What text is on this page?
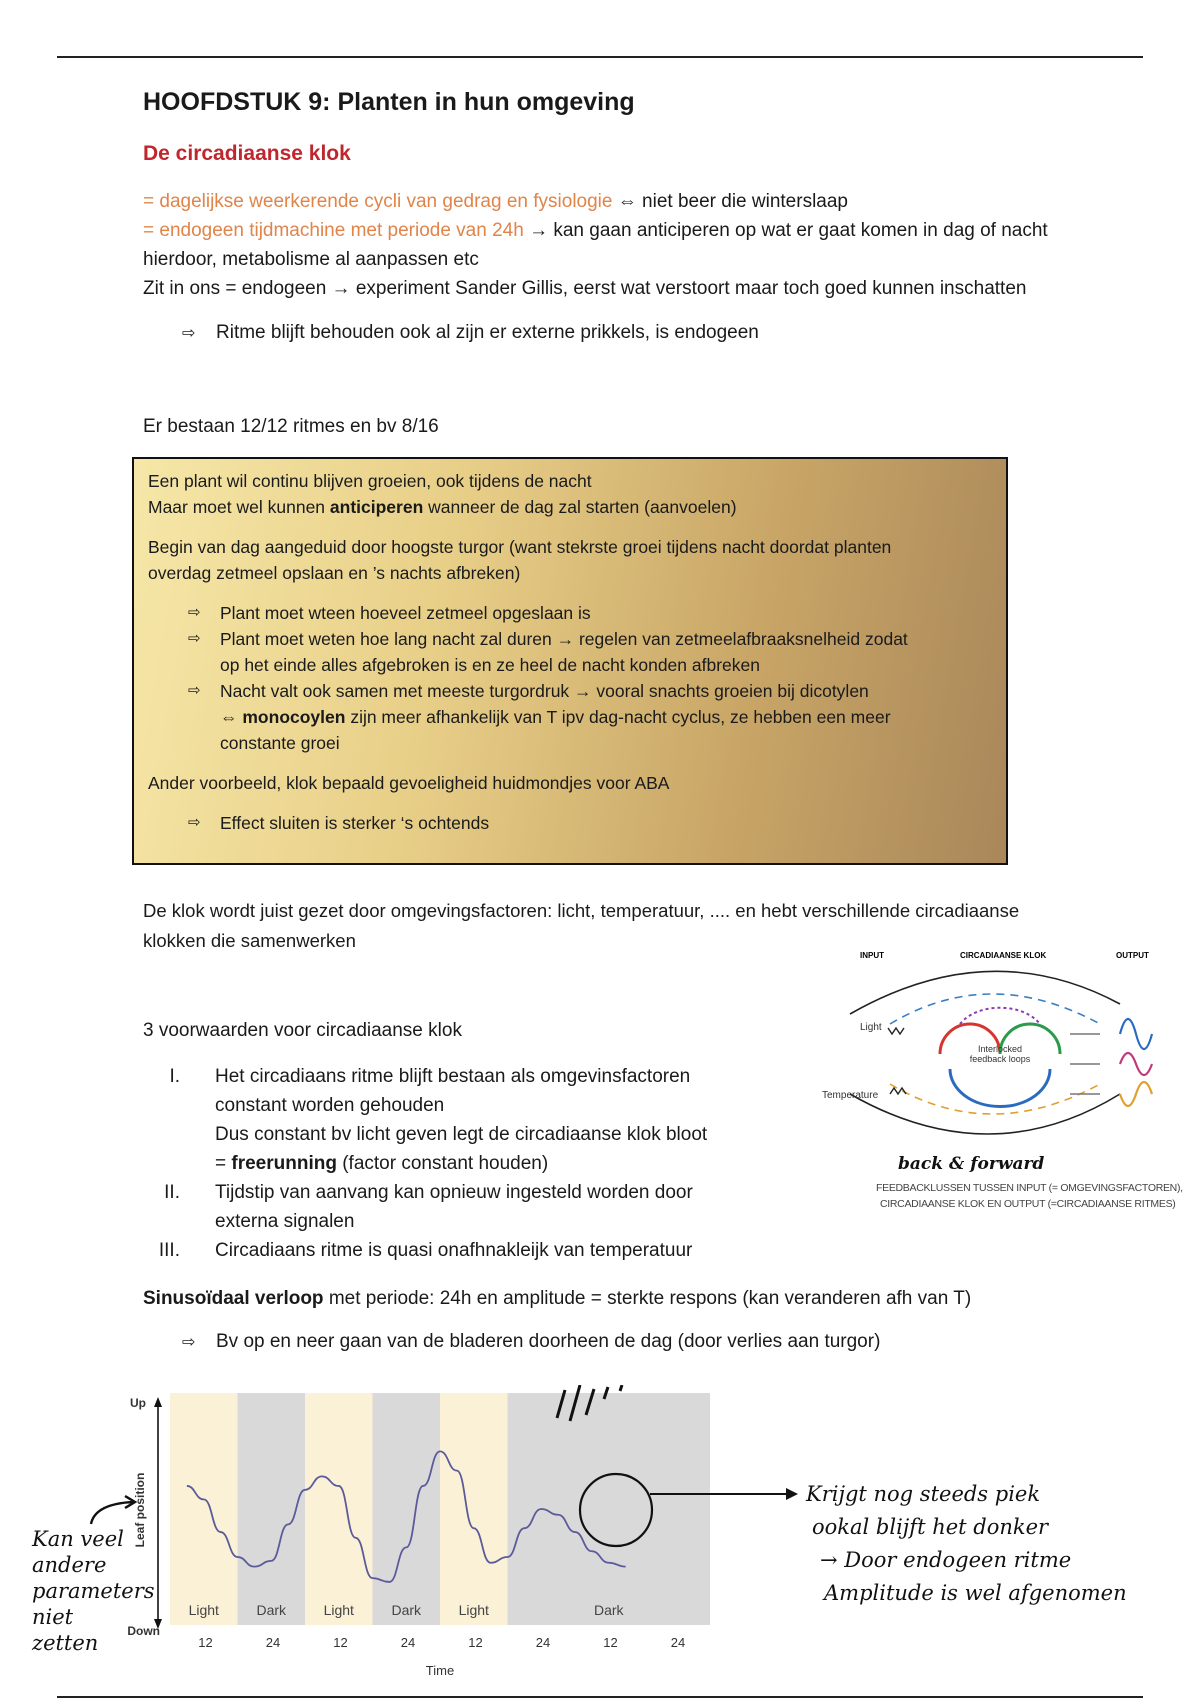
HOOFDSTUK 9: Planten in hun omgeving
De circadiaanse klok
= dagelijkse weerkerende cycli van gedrag en fysiologie ⇔ niet beer die winterslaap
= endogeen tijdmachine met periode van 24h → kan gaan anticiperen op wat er gaat komen in dag of nacht
hierdoor, metabolisme al aanpassen etc
Zit in ons = endogeen → experiment Sander Gillis, eerst wat verstoort maar toch goed kunnen inschatten
⇨ Ritme blijft behouden ook al zijn er externe prikkels, is endogeen
Er bestaan 12/12 ritmes en bv 8/16

Een plant wil continu blijven groeien, ook tijdens de nacht

Maar moet wel kunnen anticiperen wanneer de dag zal starten (aanvoelen)

Begin van dag aangeduid door hoogste turgor (want stekrste groei tijdens nacht doordat planten

overdag zetmeel opslaan en ’s nachts afbreken)

⇨ Plant moet wteen hoeveel zetmeel opgeslaan is
⇨ Plant moet weten hoe lang nacht zal duren → regelen van zetmeelafbraaksnelheid zodat
op het einde alles afgebroken is en ze heel de nacht konden afbreken
⇨ Nacht valt ook samen met meeste turgordruk → vooral snachts groeien bij dicotylen
⇔ monocoylen zijn meer afhankelijk van T ipv dag-nacht cyclus, ze hebben een meer
constante groei

Ander voorbeeld, klok bepaald gevoeligheid huidmondjes voor ABA

⇨ Effect sluiten is sterker ‘s ochtends
De klok wordt juist gezet door omgevingsfactoren: licht, temperatuur, .... en hebt verschillende circadiaanse
klokken die samenwerken
3 voorwaarden voor circadiaanse klok
I. Het circadiaans ritme blijft bestaan als omgevinsfactoren
constant worden gehouden
Dus constant bv licht geven legt de circadiaanse klok bloot
= freerunning (factor constant houden)
II. Tijdstip van aanvang kan opnieuw ingesteld worden door
externa signalen
III. Circadiaans ritme is quasi onafhnakleijk van temperatuur
INPUT	CIRCADIAANSE KLOK	OUTPUT
Interlocked
feedback loops
Light
Temperature
back & forward
FEEDBACKLUSSEN TUSSEN INPUT (= OMGEVINGSFACTOREN),
CIRCADIAANSE KLOK EN OUTPUT (=CIRCADIAANSE RITMES)
Sinusoïdaal verloop met periode: 24h en amplitude = sterkte respons (kan veranderen afh van T)
⇨ Bv op en neer gaan van de bladeren doorheen de dag (door verlies aan turgor)
Light	Dark	Light	Dark	Light	Dark
Up
Down
Leaf position
12	24	12	24	12	24	12	24
Time
Kan veel
andere
parameters
niet
zetten
Krijgt nog steeds piek
ookal blijft het donker
→ Door endogeen ritme
Amplitude is wel afgenomen
